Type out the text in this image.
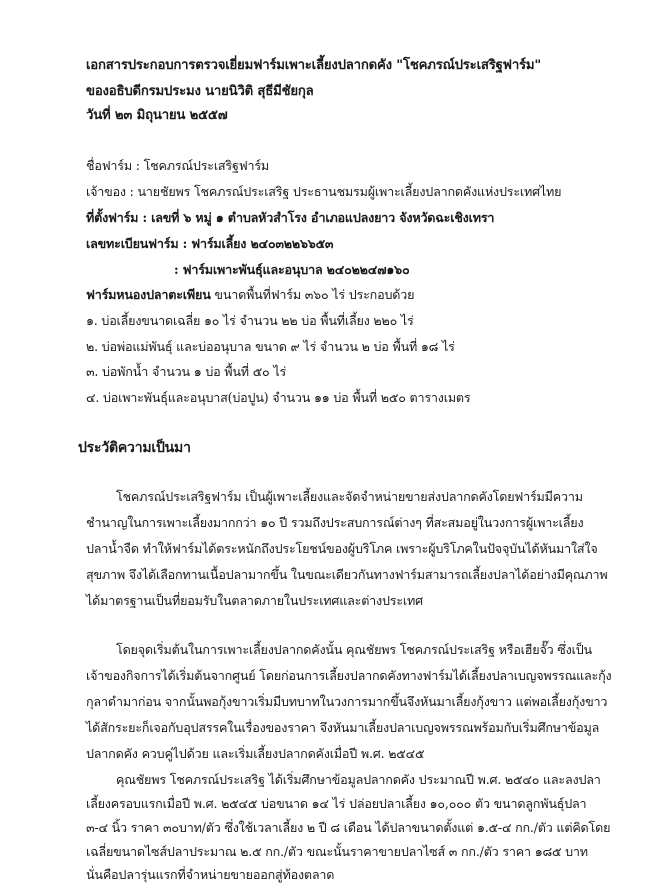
เอกสารประกอบการตรวจเยี่ยมฟาร์มเพาะเลี้ยงปลากดคัง "โชคภรณ์ประเสริฐฟาร์ม"
ของอธิบดีกรมประมง นายนิวิติ สุธีมีชัยกุล
วันที่ ๒๓ มิถุนายน ๒๕๕๗
ชื่อฟาร์ม : โชคภรณ์ประเสริฐฟาร์ม
เจ้าของ : นายชัยพร โชคภรณ์ประเสริฐ ประธานชมรมผู้เพาะเลี้ยงปลากดคังแห่งประเทศไทย
ที่ตั้งฟาร์ม : เลขที่ ๖ หมู่ ๑ ตำบลหัวสำโรง อำเภอแปลงยาว จังหวัดฉะเชิงเทรา
เลขทะเบียนฟาร์ม : ฟาร์มเลี้ยง ๒๔๐๓๒๒๖๖๕๓
: ฟาร์มเพาะพันธุ์และอนุบาล ๒๔๐๒๒๔๗๑๖๐
ฟาร์มหนองปลาตะเพียน ขนาดพื้นที่ฟาร์ม ๓๖๐ ไร่ ประกอบด้วย
๑. บ่อเลี้ยงขนาดเฉลี่ย ๑๐ ไร่ จำนวน ๒๒ บ่อ พื้นที่เลี้ยง ๒๒๐ ไร่
๒. บ่อพ่อแม่พันธุ์ และบ่ออนุบาล ขนาด ๙ ไร่ จำนวน ๒ บ่อ พื้นที่ ๑๘ ไร่
๓. บ่อพักน้ำ จำนวน ๑ บ่อ พื้นที่ ๕๐ ไร่
๔. บ่อเพาะพันธุ์และอนุบาส(บ่อปูน) จำนวน ๑๑ บ่อ พื้นที่ ๒๕๐ ตารางเมตร
ประวัติความเป็นมา
โชคภรณ์ประเสริฐฟาร์ม เป็นผู้เพาะเลี้ยงและจัดจำหน่ายขายส่งปลากดคังโดยฟาร์มมีความ
ชำนาญในการเพาะเลี้ยงมากกว่า ๑๐ ปี รวมถึงประสบการณ์ต่างๆ ที่สะสมอยู่ในวงการผู้เพาะเลี้ยง
ปลาน้ำจืด ทำให้ฟาร์มได้ตระหนักถึงประโยชน์ของผู้บริโภค เพราะผู้บริโภคในปัจจุบันได้หันมาใส่ใจ
สุขภาพ จึงได้เลือกทานเนื้อปลามากขึ้น ในขณะเดียวกันทางฟาร์มสามารถเลี้ยงปลาได้อย่างมีคุณภาพ
ได้มาตรฐานเป็นที่ยอมรับในตลาดภายในประเทศและต่างประเทศ
โดยจุดเริ่มต้นในการเพาะเลี้ยงปลากดคังนั้น คุณชัยพร โชคภรณ์ประเสริฐ หรือเฮียจั๊ว ซึ่งเป็น
เจ้าของกิจการได้เริ่มต้นจากศูนย์ โดยก่อนการเลี้ยงปลากดคังทางฟาร์มได้เลี้ยงปลาเบญจพรรณและกุ้ง
กุลาดำมาก่อน จากนั้นพอกุ้งขาวเริ่มมีบทบาทในวงการมากขึ้นจึงหันมาเลี้ยงกุ้งขาว แต่พอเลี้ยงกุ้งขาว
ได้สักระยะก็เจอกับอุปสรรคในเรื่องของราคา จึงหันมาเลี้ยงปลาเบญจพรรณพร้อมกับเริ่มศึกษาข้อมูล
ปลากดคัง ควบคู่ไปด้วย และเริ่มเลี้ยงปลากดคังเมื่อปี พ.ศ. ๒๕๔๕
คุณชัยพร โชคภรณ์ประเสริฐ ได้เริ่มศึกษาข้อมูลปลากดคัง ประมาณปี พ.ศ. ๒๕๔๐ และลงปลา
เลี้ยงครอบแรกเมื่อปี พ.ศ. ๒๕๔๕ บ่อขนาด ๑๔ ไร่ ปล่อยปลาเลี้ยง ๑๐,๐๐๐ ตัว ขนาดลูกพันธุ์ปลา
๓-๔ นิ้ว ราคา ๓๐บาท/ตัว ซึ่งใช้เวลาเลี้ยง ๒ ปี ๘ เดือน ได้ปลาขนาดตั้งแต่ ๑.๕-๔ กก./ตัว แต่คิดโดย
เฉลี่ยขนาดไซส์ปลาประมาณ ๒.๕ กก./ตัว ขณะนั้นราคาขายปลาไซส์ ๓ กก./ตัว ราคา ๑๘๕ บาท
นั่นคือปลารุ่นแรกที่จำหน่ายขายออกสู่ท้องตลาด
